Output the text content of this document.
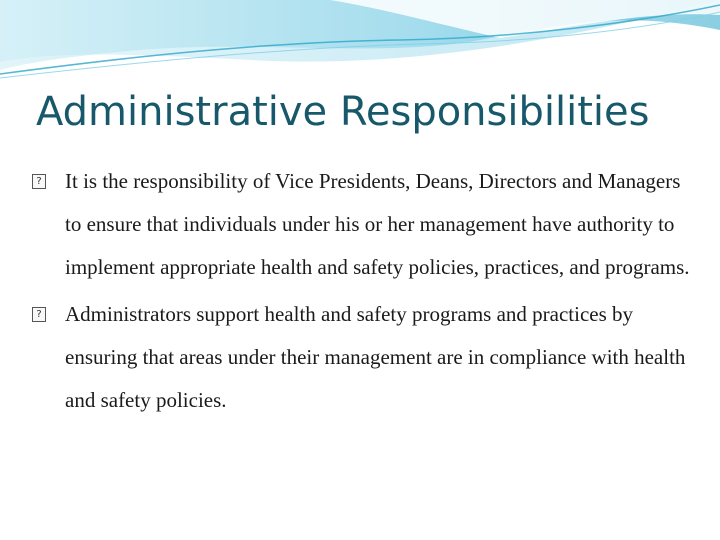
Administrative Responsibilities
? It is the responsibility of Vice Presidents, Deans, Directors and Managers to ensure that individuals under his or her management have authority to implement appropriate health and safety policies, practices, and programs.
? Administrators support health and safety programs and practices by ensuring that areas under their management are in compliance with health and safety policies.
